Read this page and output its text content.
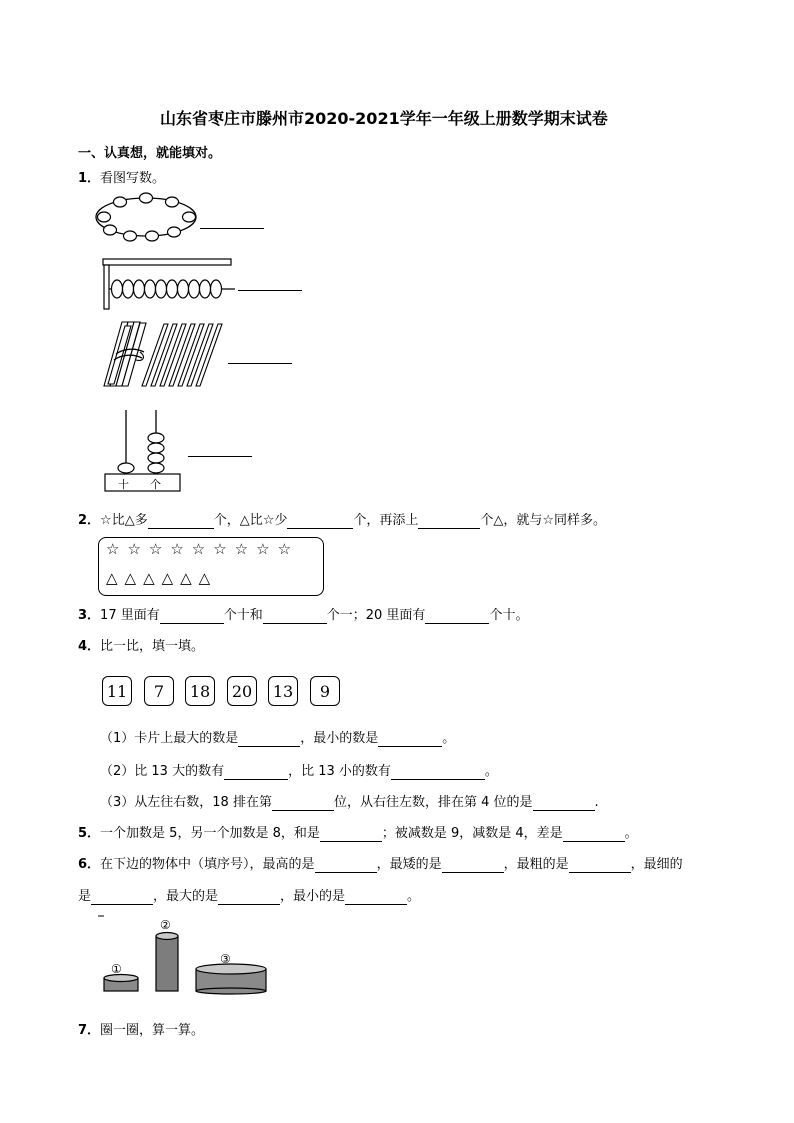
山东省枣庄市滕州市2020-2021学年一年级上册数学期末试卷
一、认真想，就能填对。
1．看图写数。
十 个
2．☆比△多	个，△比☆少	个，再添上	个△，就与☆同样多。
☆☆☆☆☆☆☆☆☆
△△△△△△
3．17 里面有	个十和	个一；20 里面有	个十。
4．比一比，填一填。
11	7	18	20	13	9
（1）卡片上最大的数是	，最小的数是	。
（2）比 13 大的数有	，比 13 小的数有	。
（3）从左往右数，18 排在第	位，从右往左数，排在第 4 位的是	.
5．一个加数是 5，另一个加数是 8，和是	；被减数是 9，减数是 4，差是	。
6．在下边的物体中（填序号），最高的是	，最矮的是	，最粗的是	，最细的
是	，最大的是	，最小的是	。
①
②
③
7．圈一圈，算一算。
